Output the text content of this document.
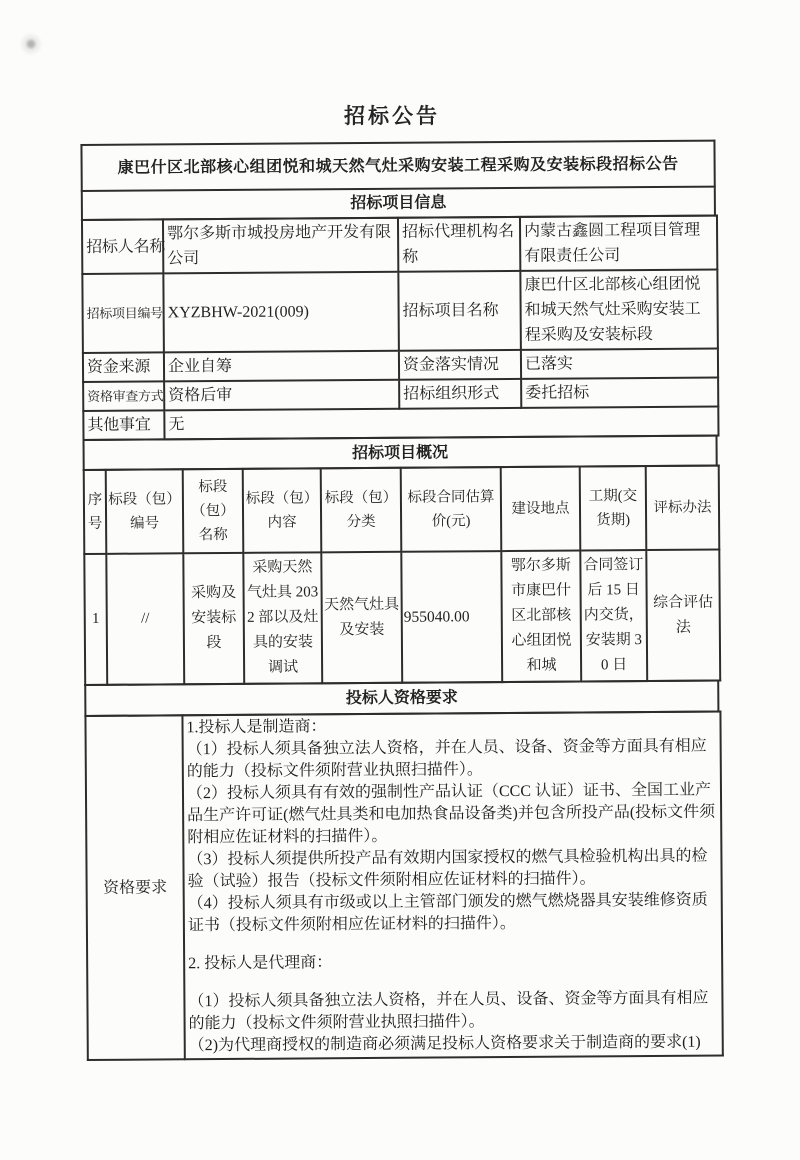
招标公告
康巴什区北部核心组团悦和城天然气灶采购安装工程采购及安装标段招标公告
招标项目信息
招标人名称	鄂尔多斯市城投房地产开发有限公司	招标代理机构名称	内蒙古鑫圆工程项目管理有限责任公司
招标项目编号	XYZBHW-2021(009)	招标项目名称	康巴什区北部核心组团悦和城天然气灶采购安装工程采购及安装标段
资金来源	企业自筹	资金落实情况	已落实
资格审查方式	资格后审	招标组织形式	委托招标
其他事宜	无		
招标项目概况
序号	标段（包）编号	标段（包）名称	标段（包）内容	标段（包）分类	标段合同估算价(元)	建设地点	工期(交货期)	评标办法
1	//	采购及安装标段	采购天然气灶具 2032 部以及灶具的安装调试	天然气灶具及安装	955040.00	鄂尔多斯市康巴什区北部核心组团悦和城	合同签订后 15 日内交货，安装期 30 日	综合评估法
投标人资格要求
资格要求	
1.投标人是制造商：
（1）投标人须具备独立法人资格，并在人员、设备、资金等方面具有相应的能力（投标文件须附营业执照扫描件）。
（2）投标人须具有有效的强制性产品认证（CCC 认证）证书、全国工业产品生产许可证(燃气灶具类和电加热食品设备类)并包含所投产品(投标文件须附相应佐证材料的扫描件）。
（3）投标人须提供所投产品有效期内国家授权的燃气具检验机构出具的检验（试验）报告（投标文件须附相应佐证材料的扫描件）。
（4）投标人须具有市级或以上主管部门颁发的燃气燃烧器具安装维修资质证书（投标文件须附相应佐证材料的扫描件）。
2. 投标人是代理商：
（1）投标人须具备独立法人资格，并在人员、设备、资金等方面具有相应的能力（投标文件须附营业执照扫描件）。
（2)为代理商授权的制造商必须满足投标人资格要求关于制造商的要求(1)
